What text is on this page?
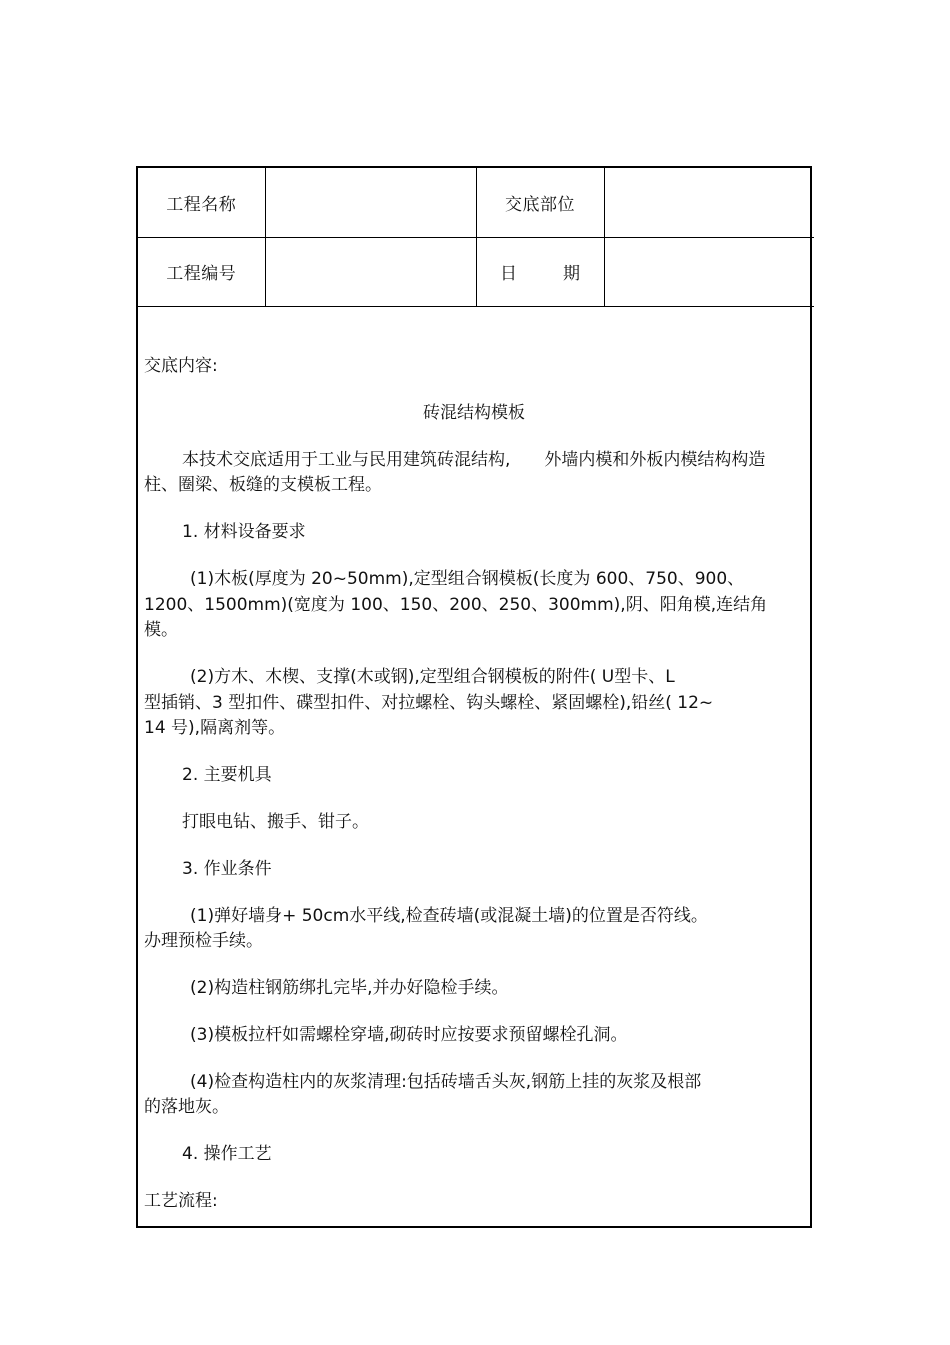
工程名称		交底部位	
工程编号		日 期	
交底内容:
砖混结构模板
本技术交底适用于工业与民用建筑砖混结构, 外墙内模和外板内模结构构造
柱、圈梁、板缝的支模板工程。
1. 材料设备要求
(1)木板(厚度为 20~50mm),定型组合钢模板(长度为 600、750、900、
1200、1500mm)(宽度为 100、150、200、250、300mm),阴、阳角模,连结角
模。
(2)方木、木楔、支撑(木或钢),定型组合钢模板的附件( U型卡、L
型插销、3 型扣件、碟型扣件、对拉螺栓、钩头螺栓、紧固螺栓),铅丝( 12~
14 号),隔离剂等。
2. 主要机具
打眼电钻、搬手、钳子。
3. 作业条件
(1)弹好墙身+ 50cm水平线,检查砖墙(或混凝土墙)的位置是否符线。
办理预检手续。
(2)构造柱钢筋绑扎完毕,并办好隐检手续。
(3)模板拉杆如需螺栓穿墙,砌砖时应按要求预留螺栓孔洞。
(4)检查构造柱内的灰浆清理:包括砖墙舌头灰,钢筋上挂的灰浆及根部
的落地灰。
4. 操作工艺
工艺流程:
